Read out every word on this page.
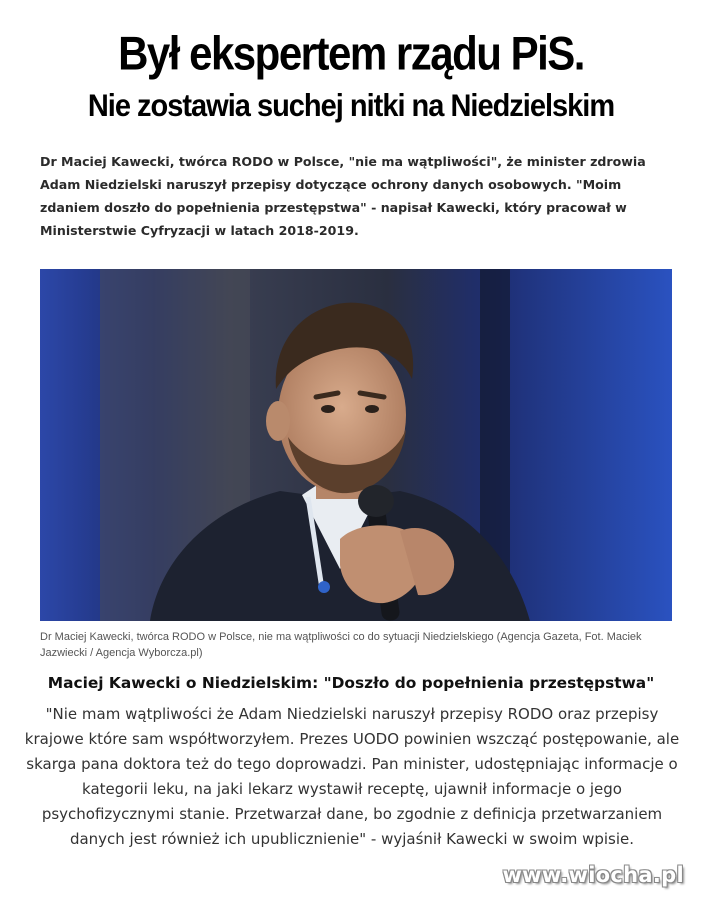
Był ekspertem rządu PiS.
Nie zostawia suchej nitki na Niedzielskim
Dr Maciej Kawecki, twórca RODO w Polsce, "nie ma wątpliwości", że minister zdrowia Adam Niedzielski naruszył przepisy dotyczące ochrony danych osobowych. "Moim zdaniem doszło do popełnienia przestępstwa" - napisał Kawecki, który pracował w Ministerstwie Cyfryzacji w latach 2018-2019.
Dr Maciej Kawecki, twórca RODO w Polsce, nie ma wątpliwości co do sytuacji Niedzielskiego (Agencja Gazeta, Fot. Maciek Jazwiecki / Agencja Wyborcza.pl)
Maciej Kawecki o Niedzielskim: "Doszło do popełnienia przestępstwa"
"Nie mam wątpliwości że Adam Niedzielski naruszył przepisy RODO oraz przepisy krajowe które sam współtworzyłem. Prezes UODO powinien wszcząć postępowanie, ale skarga pana doktora też do tego doprowadzi. Pan minister, udostępniając informacje o kategorii leku, na jaki lekarz wystawił receptę, ujawnił informacje o jego psychofizycznymi stanie. Przetwarzał dane, bo zgodnie z definicja przetwarzaniem danych jest również ich upublicznienie" - wyjaśnił Kawecki w swoim wpisie.
www.wiocha.pl
